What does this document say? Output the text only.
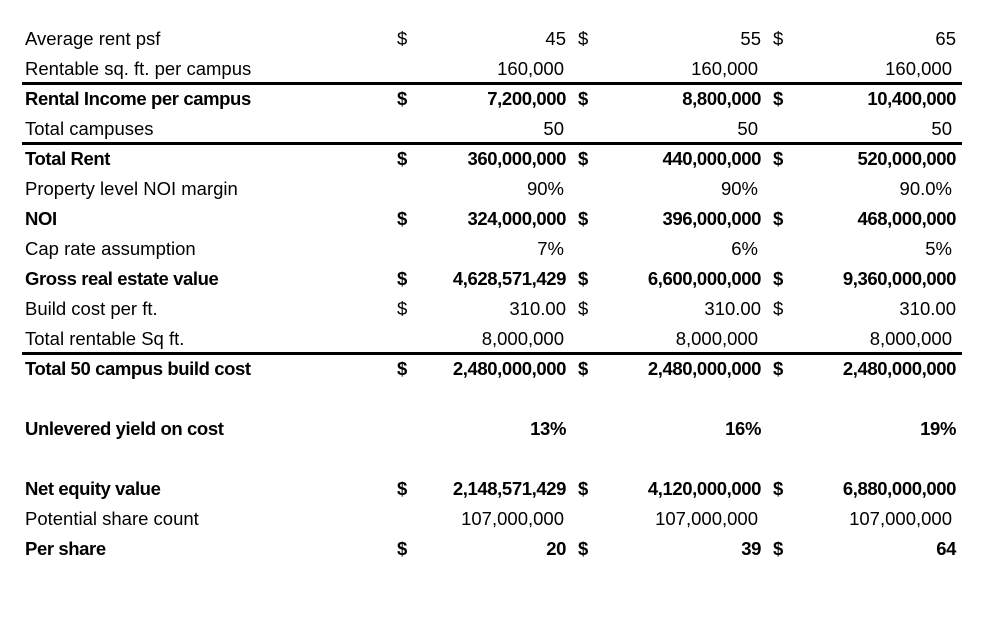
Average rent psf	$	45 $	55 $	65
Rentable sq. ft. per campus	160,000	160,000	160,000
Rental Income per campus	$	7,200,000 $	8,800,000 $	10,400,000
Total campuses	50	50	50
Total Rent	$	360,000,000 $	440,000,000 $	520,000,000
Property level NOI margin	90%	90%	90.0%
NOI	$	324,000,000 $	396,000,000 $	468,000,000
Cap rate assumption	7%	6%	5%
Gross real estate value	$ 4,628,571,429 $	6,600,000,000 $	9,360,000,000
Build cost per ft.	$	310.00 $	310.00 $	310.00
Total rentable Sq ft.	8,000,000	8,000,000	8,000,000
Total 50 campus build cost	$ 2,480,000,000 $	2,480,000,000 $	2,480,000,000
Unlevered yield on cost	13%	16%	19%
Net equity value	$ 2,148,571,429 $	4,120,000,000 $	6,880,000,000
Potential share count	107,000,000	107,000,000	107,000,000
Per share	$	20 $	39 $	64
